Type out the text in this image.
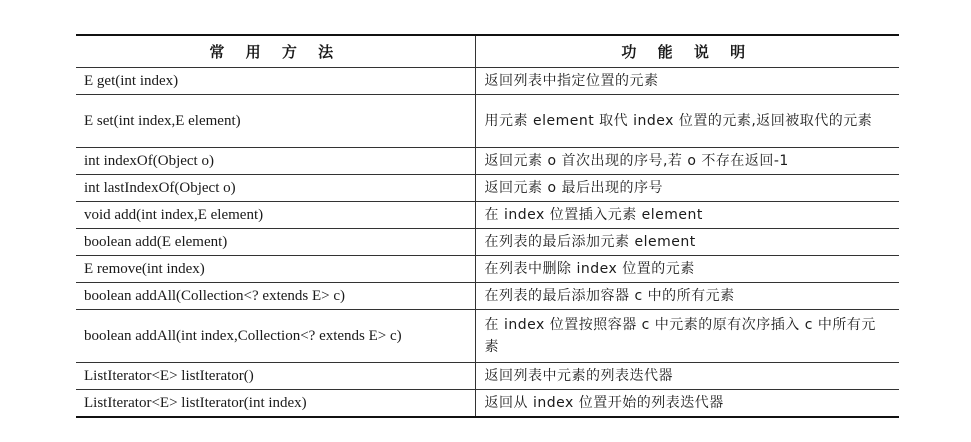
常 用 方 法	功 能 说 明
E get(int index)	返回列表中指定位置的元素
E set(int index,E element)	用元素 element 取代 index 位置的元素,返回被取代的元素
int indexOf(Object o)	返回元素 o 首次出现的序号,若 o 不存在返回-1
int lastIndexOf(Object o)	返回元素 o 最后出现的序号
void add(int index,E element)	在 index 位置插入元素 element
boolean add(E element)	在列表的最后添加元素 element
E remove(int index)	在列表中删除 index 位置的元素
boolean addAll(Collection<? extends E> c)	在列表的最后添加容器 c 中的所有元素
boolean addAll(int index,Collection<? extends E> c)	在 index 位置按照容器 c 中元素的原有次序插入 c 中所有元素
ListIterator<E> listIterator()	返回列表中元素的列表迭代器
ListIterator<E> listIterator(int index)	返回从 index 位置开始的列表迭代器
